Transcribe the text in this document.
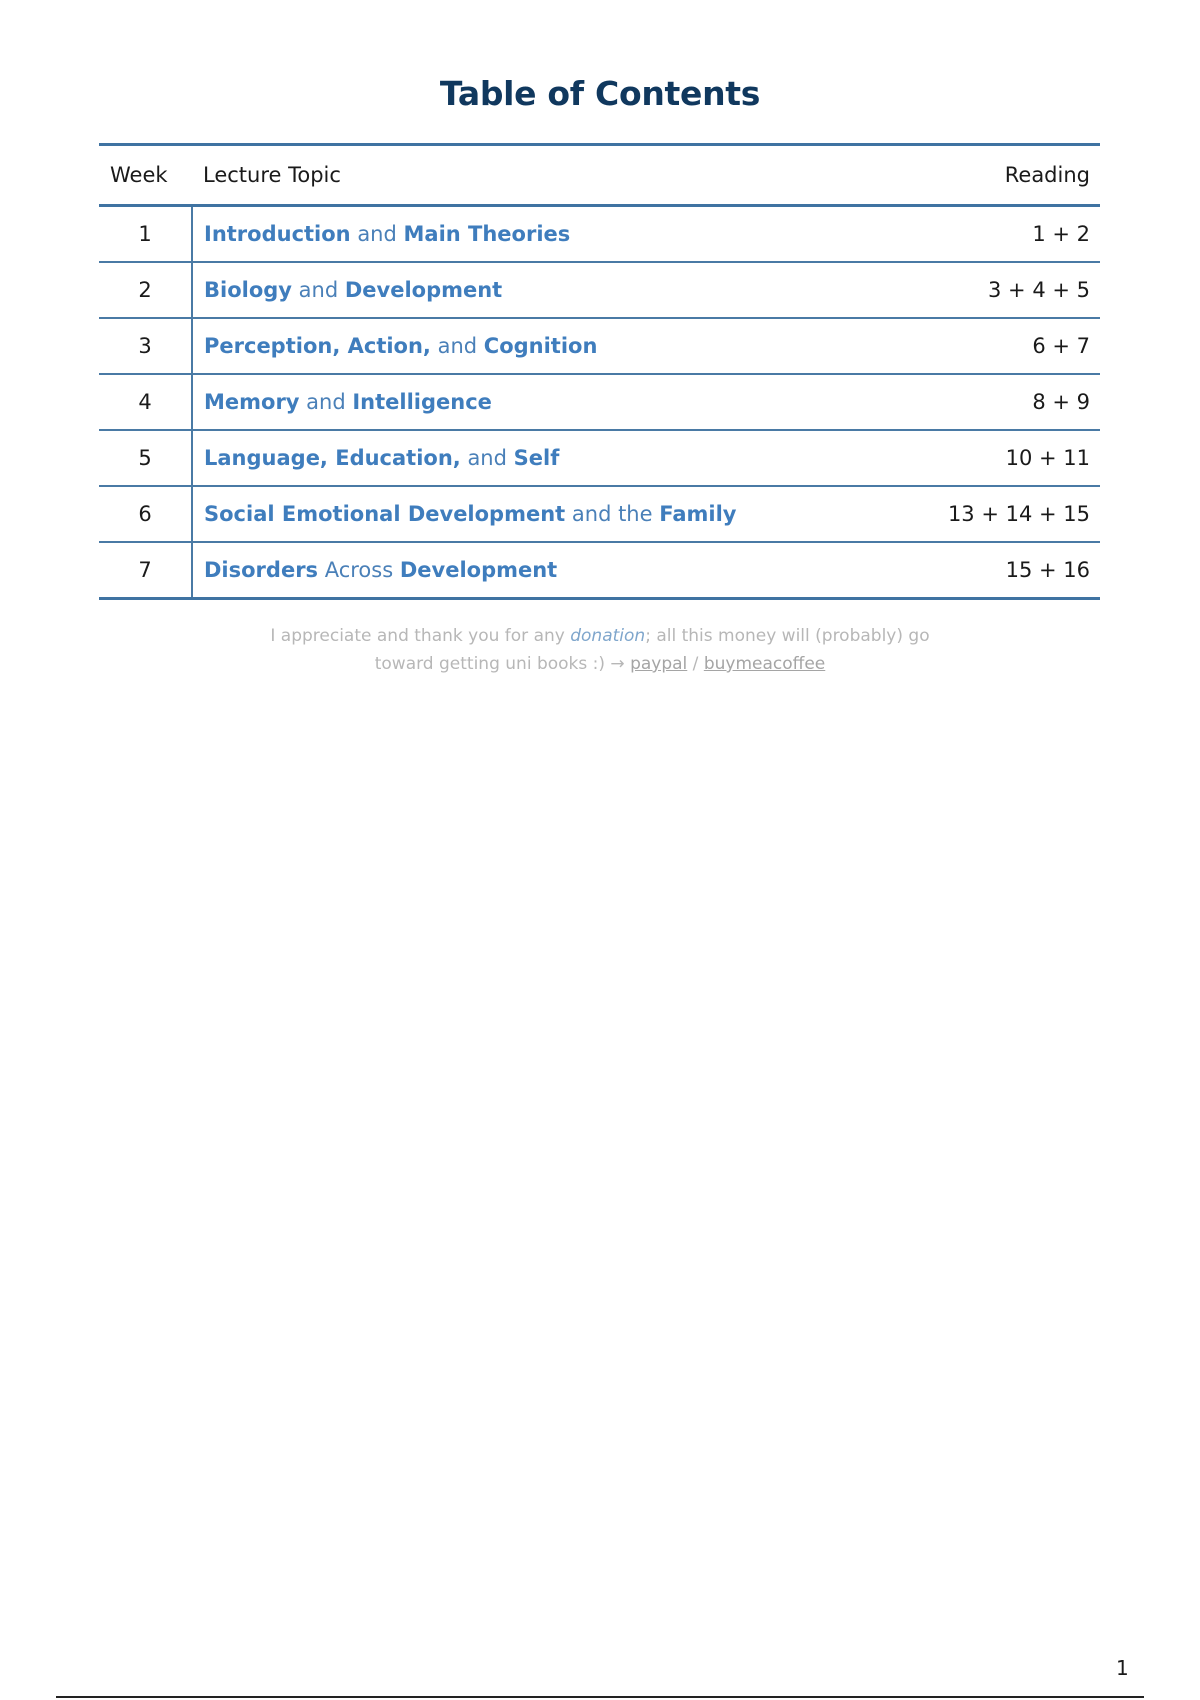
Table of Contents
Week	Lecture Topic	Reading
1	Introduction and Main Theories	1 + 2
2	Biology and Development	3 + 4 + 5
3	Perception, Action, and Cognition	6 + 7
4	Memory and Intelligence	8 + 9
5	Language, Education, and Self	10 + 11
6	Social Emotional Development and the Family	13 + 14 + 15
7	Disorders Across Development	15 + 16
I appreciate and thank you for any donation; all this money will (probably) go
toward getting uni books :) → paypal / buymeacoffee
1
